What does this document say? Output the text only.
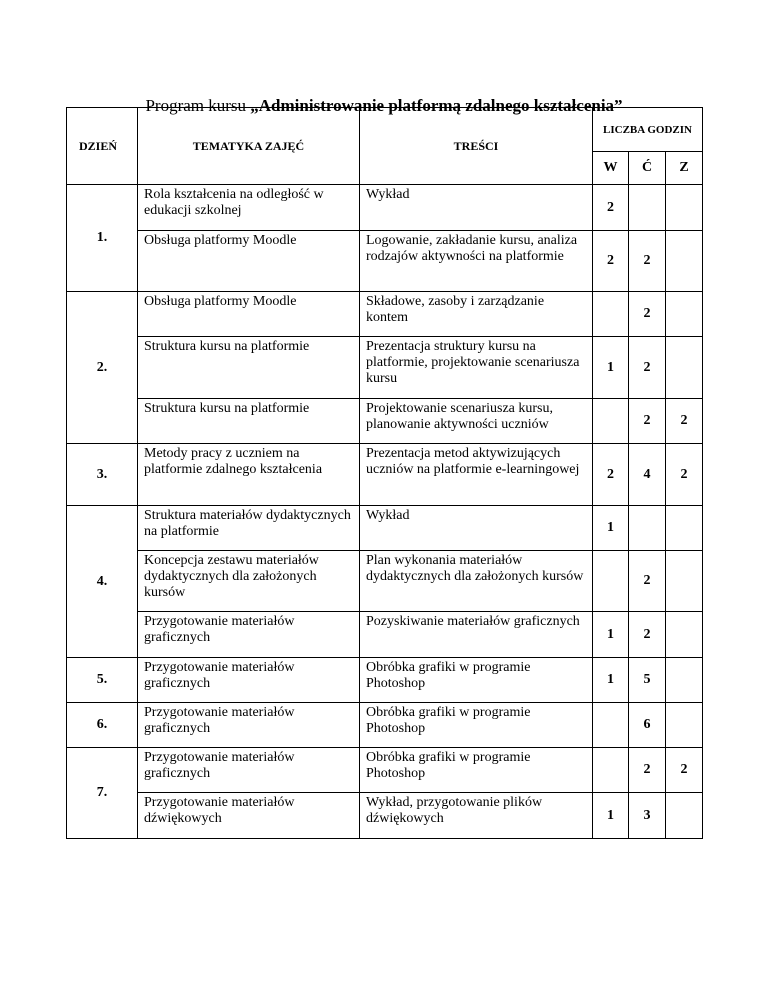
Program kursu „Administrowanie platformą zdalnego kształcenia”
DZIEŃ	TEMATYKA ZAJĘĆ	TREŚCI	LICZBA GODZIN		
			W	Ć	Z
1.	Rola kształcenia na odległość w edukacji szkolnej	Wykład	2		
	Obsługa platformy Moodle	Logowanie, zakładanie kursu, analiza rodzajów aktywności na platformie	2	2	
2.	Obsługa platformy Moodle	Składowe, zasoby i zarządzanie kontem		2	
	Struktura kursu na platformie	Prezentacja struktury kursu na platformie, projektowanie scenariusza kursu	1	2	
	Struktura kursu na platformie	Projektowanie scenariusza kursu, planowanie aktywności uczniów		2	2
3.	Metody pracy z uczniem na platformie zdalnego kształcenia	Prezentacja metod aktywizujących uczniów na platformie e-learningowej	2	4	2
4.	Struktura materiałów dydaktycznych na platformie	Wykład	1		
	Koncepcja zestawu materiałów dydaktycznych dla założonych kursów	Plan wykonania materiałów dydaktycznych dla założonych kursów		2	
	Przygotowanie materiałów graficznych	Pozyskiwanie materiałów graficznych	1	2	
5.	Przygotowanie materiałów graficznych	Obróbka grafiki w programie Photoshop	1	5	
6.	Przygotowanie materiałów graficznych	Obróbka grafiki w programie Photoshop		6	
7.	Przygotowanie materiałów graficznych	Obróbka grafiki w programie Photoshop		2	2
	Przygotowanie materiałów dźwiękowych	Wykład, przygotowanie plików dźwiękowych	1	3	
